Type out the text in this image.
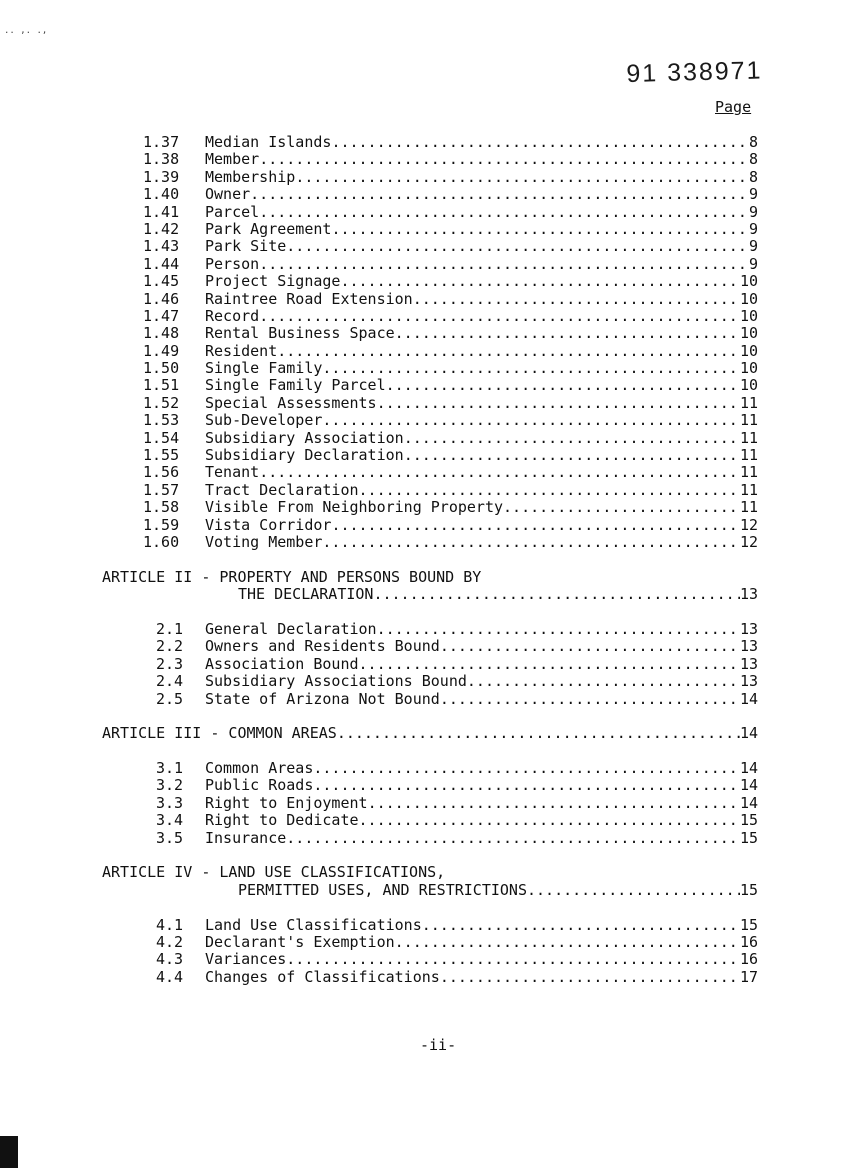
.. ,. .,
91 338971
Page
1.37 Median Islands .....	8
1.38 Member .....	8
1.39 Membership .....	8
1.40 Owner .....	9
1.41 Parcel .....	9
1.42 Park Agreement .....	9
1.43 Park Site .....	9
1.44 Person .....	9
1.45 Project Signage .....	10
1.46 Raintree Road Extension .....	10
1.47 Record .....	10
1.48 Rental Business Space .....	10
1.49 Resident .....	10
1.50 Single Family .....	10
1.51 Single Family Parcel .....	10
1.52 Special Assessments .....	11
1.53 Sub-Developer .....	11
1.54 Subsidiary Association .....	11
1.55 Subsidiary Declaration .....	11
1.56 Tenant .....	11
1.57 Tract Declaration .....	11
1.58 Visible From Neighboring Property .....	11
1.59 Vista Corridor .....	12
1.60 Voting Member .....	12
ARTICLE II - PROPERTY AND PERSONS BOUND BY
THE DECLARATION .....	13
2.1 General Declaration .....	13
2.2 Owners and Residents Bound .....	13
2.3 Association Bound .....	13
2.4 Subsidiary Associations Bound .....	13
2.5 State of Arizona Not Bound .....	14
ARTICLE III - COMMON AREAS .....	14
3.1 Common Areas .....	14
3.2 Public Roads .....	14
3.3 Right to Enjoyment .....	14
3.4 Right to Dedicate .....	15
3.5 Insurance .....	15
ARTICLE IV - LAND USE CLASSIFICATIONS,
PERMITTED USES, AND RESTRICTIONS .....	15
4.1 Land Use Classifications .....	15
4.2 Declarant's Exemption .....	16
4.3 Variances .....	16
4.4 Changes of Classifications .....	17
-ii-
